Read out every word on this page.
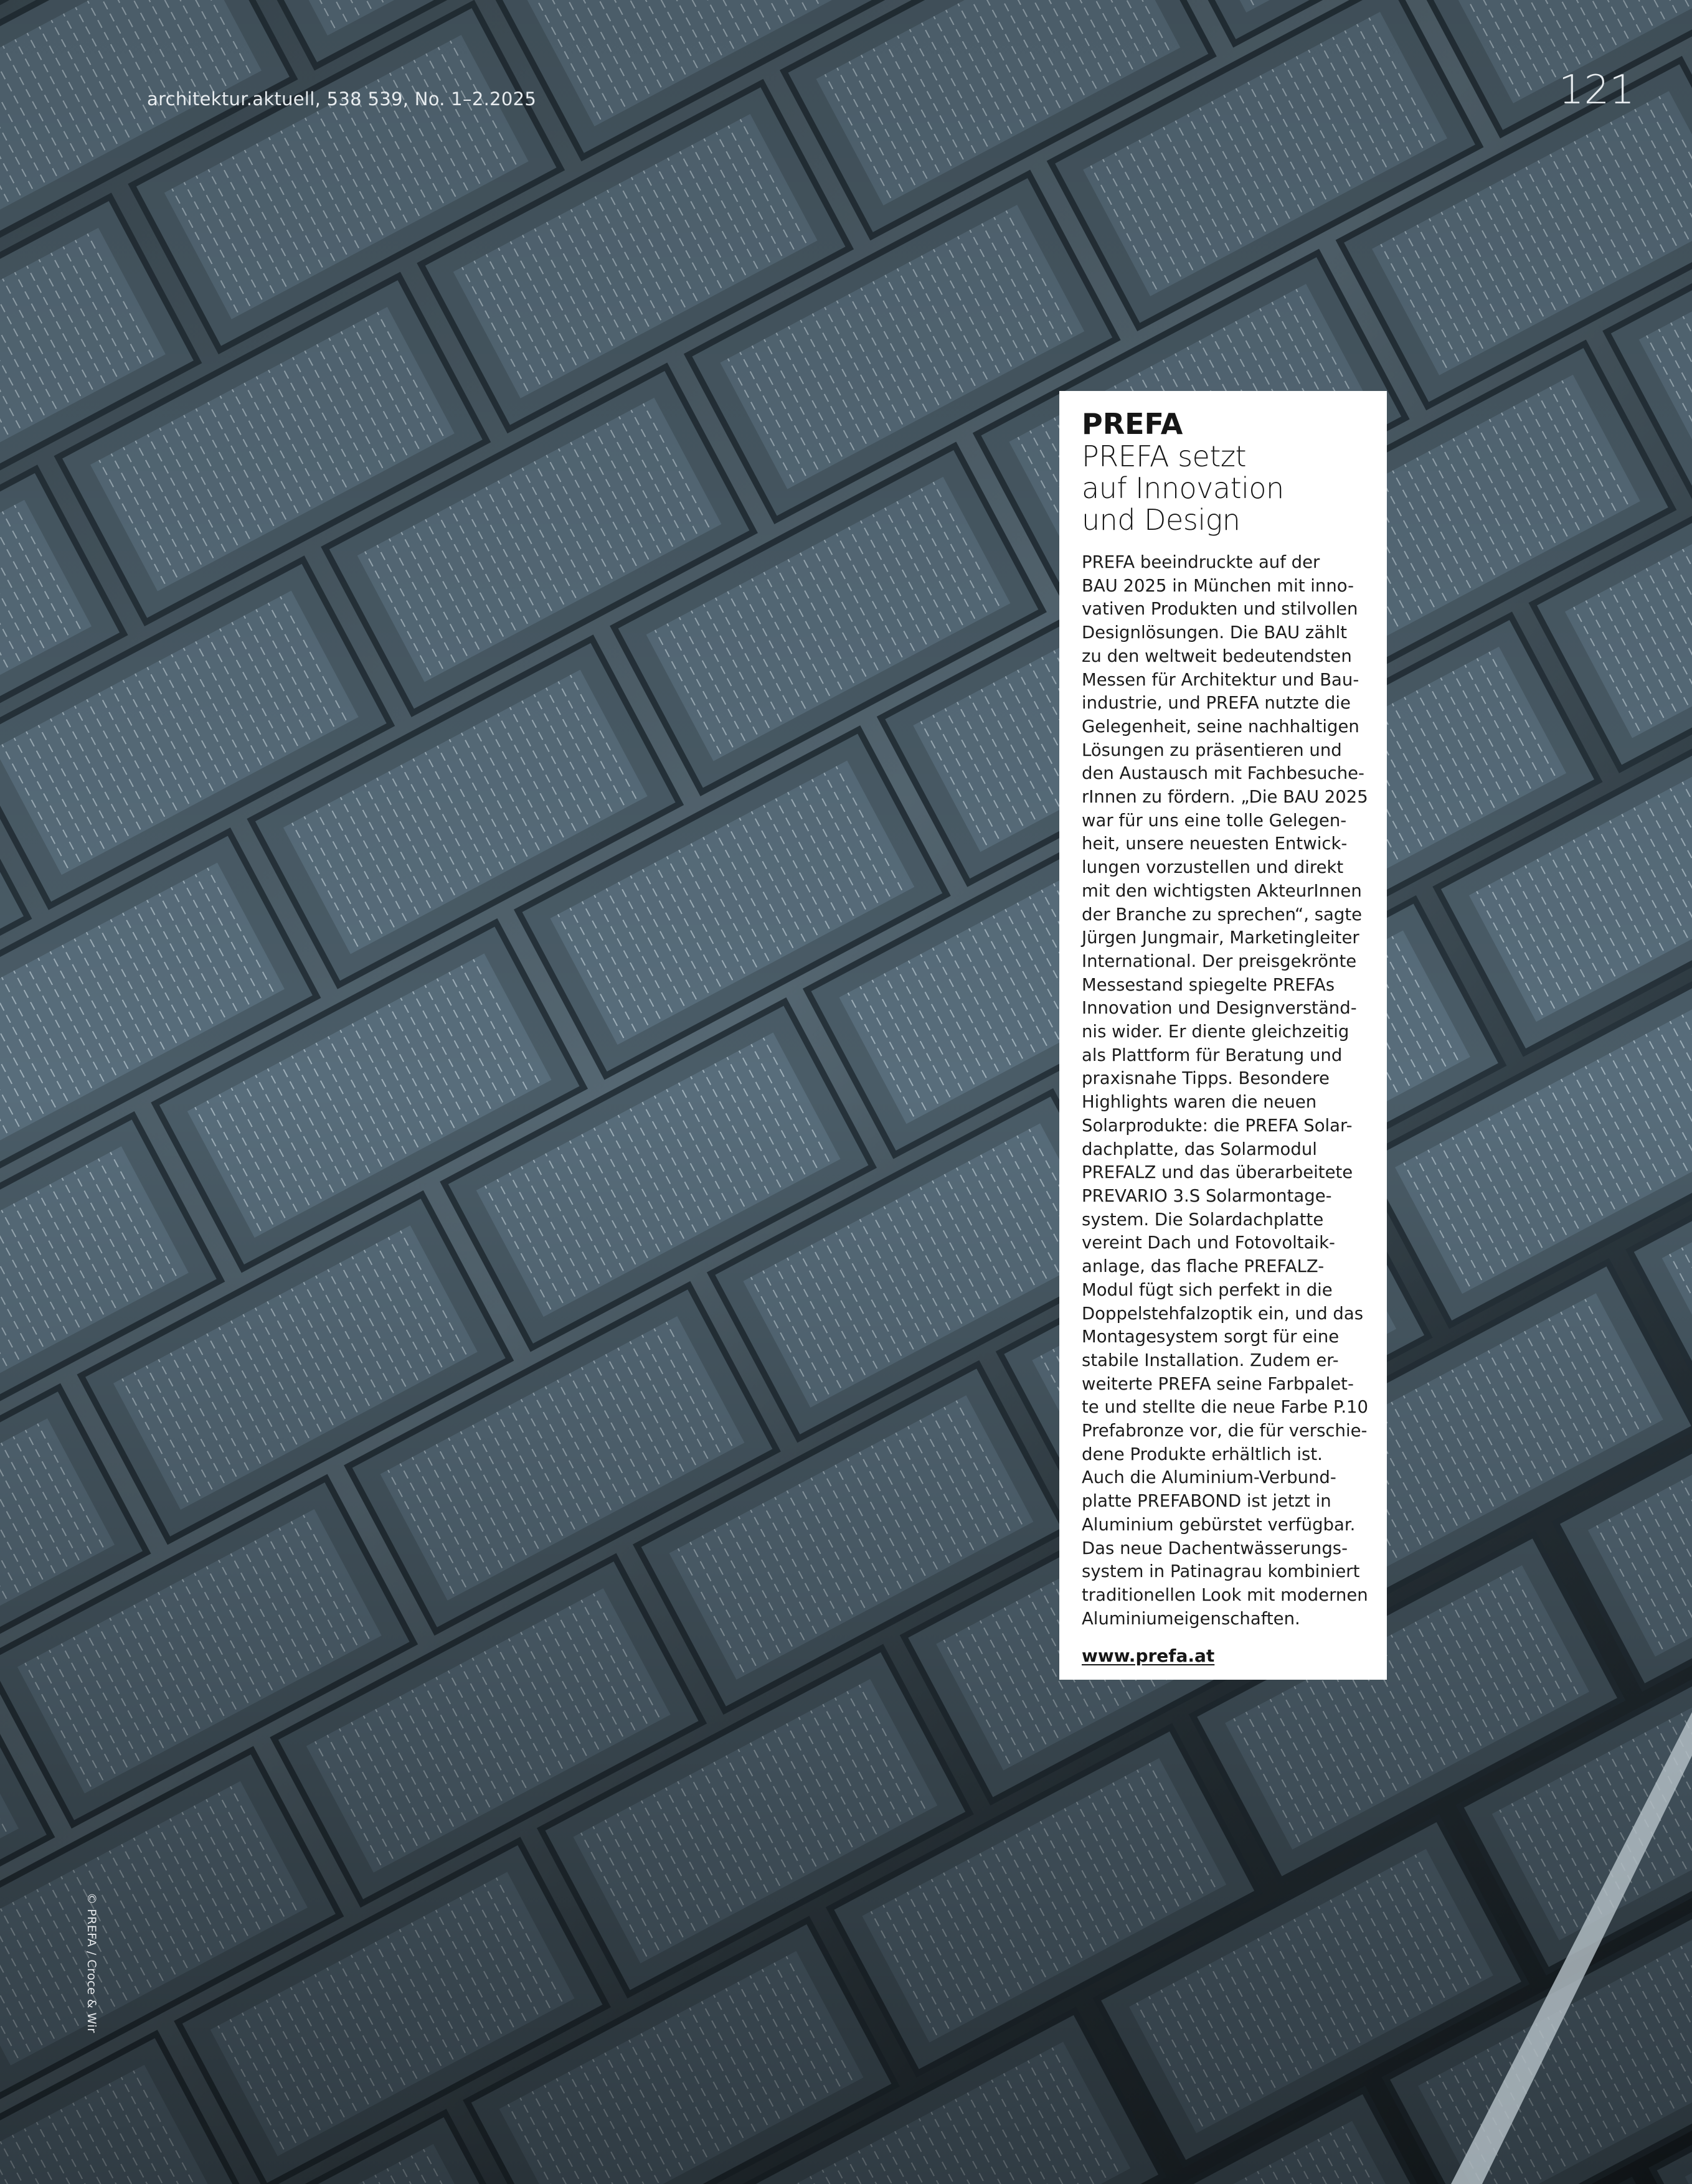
architektur.aktuell, 538 539, No. 1–2.2025	121
© PREFA / Croce & Wir
PREFA
PREFA setzt
auf Innovation
und Design
PREFA beeindruckte auf der
BAU 2025 in München mit inno-
vativen Produkten und stilvollen
Designlösungen. Die BAU zählt
zu den weltweit bedeutendsten
Messen für Architektur und Bau-
industrie, und PREFA nutzte die
Gelegenheit, seine nachhaltigen
Lösungen zu präsentieren und
den Austausch mit Fachbesuche-
rInnen zu fördern. „Die BAU 2025
war für uns eine tolle Gelegen-
heit, unsere neuesten Entwick-
lungen vorzustellen und direkt
mit den wichtigsten AkteurInnen
der Branche zu sprechen“, sagte
Jürgen Jungmair, Marketingleiter
International. Der preisgekrönte
Messestand spiegelte PREFAs
Innovation und Designverständ-
nis wider. Er diente gleichzeitig
als Plattform für Beratung und
praxisnahe Tipps. Besondere
Highlights waren die neuen
Solarprodukte: die PREFA Solar-
dachplatte, das Solarmodul
PREFALZ und das überarbeitete
PREVARIO 3.S Solarmontage-
system. Die Solardachplatte
vereint Dach und Fotovoltaik-
anlage, das flache PREFALZ-
Modul fügt sich perfekt in die
Doppelstehfalzoptik ein, und das
Montagesystem sorgt für eine
stabile Installation. Zudem er-
weiterte PREFA seine Farbpalet-
te und stellte die neue Farbe P.10
Prefabronze vor, die für verschie-
dene Produkte erhältlich ist.
Auch die Aluminium-Verbund-
platte PREFABOND ist jetzt in
Aluminium gebürstet verfügbar.
Das neue Dachentwässerungs-
system in Patinagrau kombiniert
traditionellen Look mit modernen
Aluminiumeigenschaften.
www.prefa.at
